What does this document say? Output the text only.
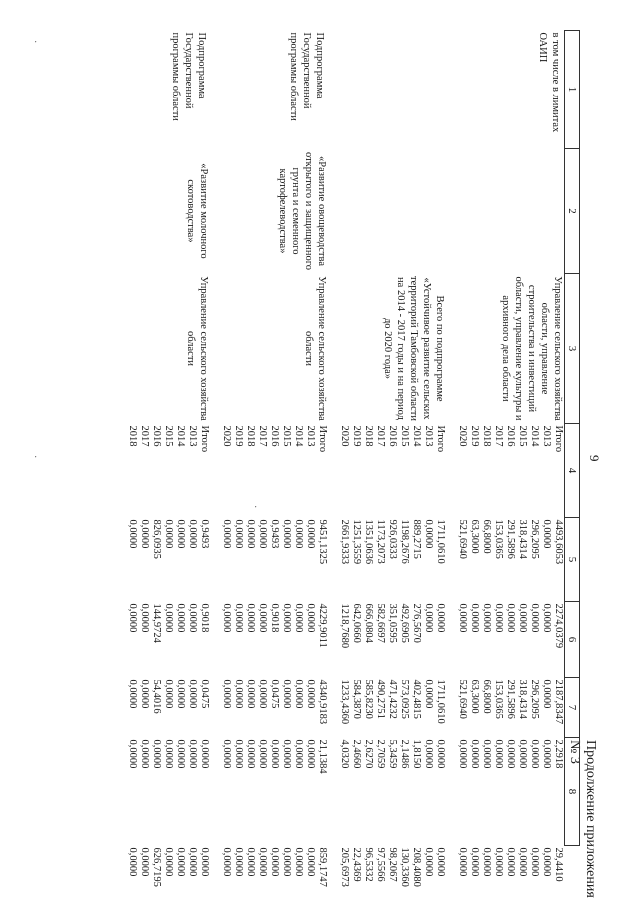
9
Продолжение приложения № 3
1	2	3	4		5	6	7	8	
в том числе в лимитах ОАИП		Управление сельского хозяйства области, управление строительства и инвестиций области, управление культуры и архивного дела области	Итого		4493,6053	2274,0379	2187,8347	2,2918	29,4410
			2013		0,0000	0,0000	0,0000	0,0000	0,0000
			2014		296,2095	0,0000	296,2095	0,0000	0,0000
			2015		318,4314	0,0000	318,4314	0,0000	0,0000
			2016		291,5896	0,0000	291,5896	0,0000	0,0000
			2017		153,0365	0,0000	153,0365	0,0000	0,0000
			2018		66,8000	0,0000	66,8000	0,0000	0,0000
			2019		63,3000	0,0000	63,3000	0,0000	0,0000
			2020		521,6940	0,0000	521,6940	0,0000	0,0000

		Всего по подпрограмме «Устойчивое развитие сельских территорий Тамбовской области на 2014 - 2017 годы и на период до 2020 года»	Итого		1711,0610	0,0000	1711,0610	0,0000	0,0000
			2013		0,0000	0,0000	0,0000	0,0000	0,0000
			2014		889,2715	276,5670	402,4815	1,8150	208,4080
			2015		1198,2676	492,6905	573,0925	2,1486	130,3360
			2016		926,0333	351,0595	471,4232	5,3459	98,2067
			2017		1173,2073	582,6697	490,2751	2,7059	97,5566
			2018		1351,0636	666,0804	585,8230	2,6270	96,5332
			2019		1251,3559	642,0660	584,3870	2,4660	22,4369
			2020		2661,9333	1218,7680	1233,4360	4,0320	205,6973

Подпрограмма Государственной программы области	«Развитие овощеводства открытого и защищенного грунта и семенного картофелеводства»	Управление сельского хозяйства области	Итого		9451,1325	4229,9011	4340,9183	21,1384	859,1747
			2013		0,0000	0,0000	0,0000	0,0000	0,0000
			2014		0,0000	0,0000	0,0000	0,0000	0,0000
			2015		0,0000	0,0000	0,0000	0,0000	0,0000
			2016		0,9493	0,9018	0,0475	0,0000	0,0000
			2017		0,0000	0,0000	0,0000	0,0000	0,0000
			2018		0,0000	0,0000	0,0000	0,0000	0,0000
			2019		0,0000	0,0000	0,0000	0,0000	0,0000
			2020		0,0000	0,0000	0,0000	0,0000	0,0000

Подпрограмма Государственной программы области	«Развитие молочного скотоводства»	Управление сельского хозяйства области	Итого		0,9493	0,9018	0,0475	0,0000	0,0000
			2013		0,0000	0,0000	0,0000	0,0000	0,0000
			2014		0,0000	0,0000	0,0000	0,0000	0,0000
			2015		0,0000	0,0000	0,0000	0,0000	0,0000
			2016		826,0935	144,9724	54,4016	0,0000	626,7195
			2017		0,0000	0,0000	0,0000	0,0000	0,0000
			2018		0,0000	0,0000	0,0000	0,0000	0,0000
·
·
·
